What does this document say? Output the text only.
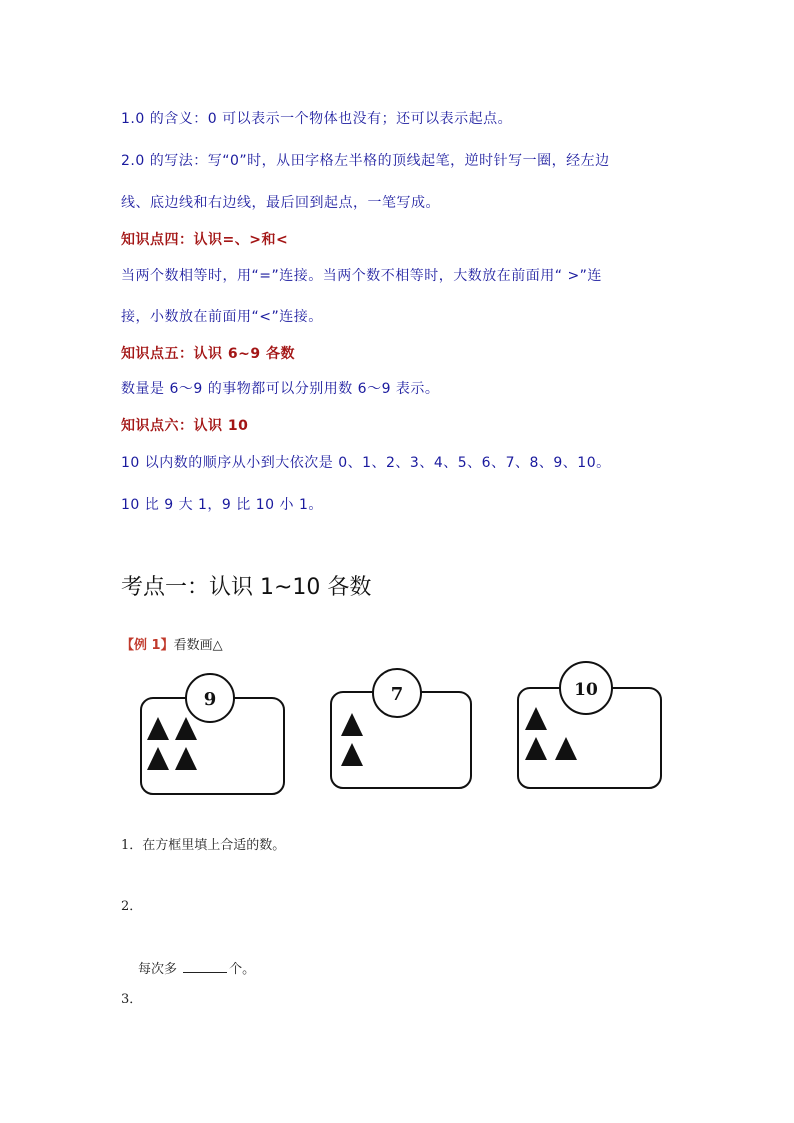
1.0 的含义：0 可以表示一个物体也没有；还可以表示起点。
2.0 的写法：写“0”时，从田字格左半格的顶线起笔，逆时针写一圈，经左边
线、底边线和右边线，最后回到起点，一笔写成。
知识点四：认识=、>和<
当两个数相等时，用“=”连接。当两个数不相等时，大数放在前面用“ >”连
接，小数放在前面用“<”连接。
知识点五：认识 6~9 各数
数量是 6～9 的事物都可以分别用数 6～9 表示。
知识点六：认识 10
10 以内数的顺序从小到大依次是 0、1、2、3、4、5、6、7、8、9、10。
10 比 9 大 1，9 比 10 小 1。
考点一：认识 1~10 各数
【例 1】看数画△
9	7	10
1．在方框里填上合适的数。
2．
每次多	个。
3．
